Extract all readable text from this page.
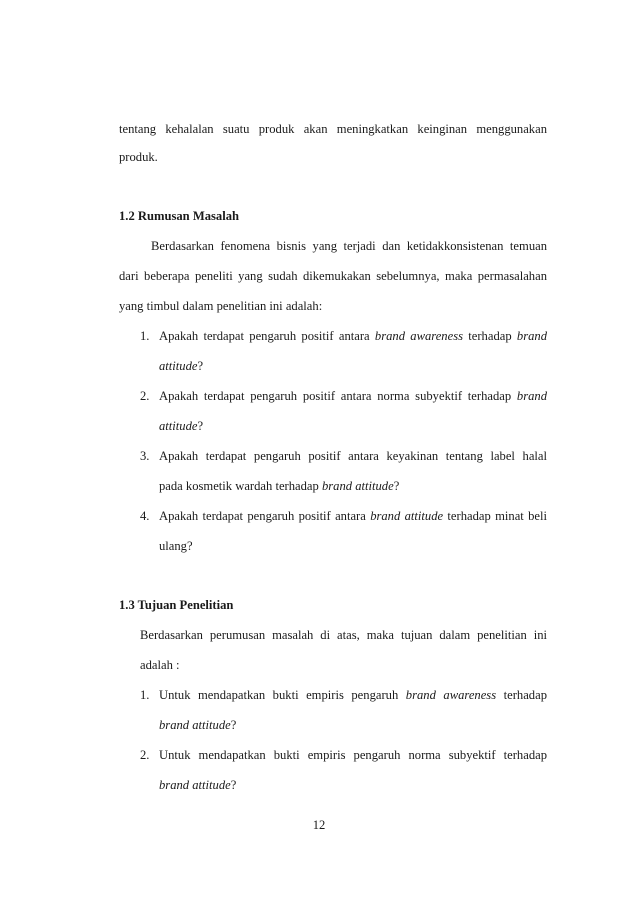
tentang kehalalan suatu produk akan meningkatkan keinginan menggunakan
produk.
1.2 Rumusan Masalah
Berdasarkan fenomena bisnis yang terjadi dan ketidakkonsistenan temuan
dari beberapa peneliti yang sudah dikemukakan sebelumnya, maka permasalahan
yang timbul dalam penelitian ini adalah:
1. Apakah terdapat pengaruh positif antara brand awareness terhadap brand
attitude?
2. Apakah terdapat pengaruh positif antara norma subyektif terhadap brand
attitude?
3. Apakah terdapat pengaruh positif antara keyakinan tentang label halal
pada kosmetik wardah terhadap brand attitude?
4. Apakah terdapat pengaruh positif antara brand attitude terhadap minat beli
ulang?
1.3 Tujuan Penelitian
Berdasarkan perumusan masalah di atas, maka tujuan dalam penelitian ini
adalah :
1. Untuk mendapatkan bukti empiris pengaruh brand awareness terhadap
brand attitude?
2. Untuk mendapatkan bukti empiris pengaruh norma subyektif terhadap
brand attitude?
12
